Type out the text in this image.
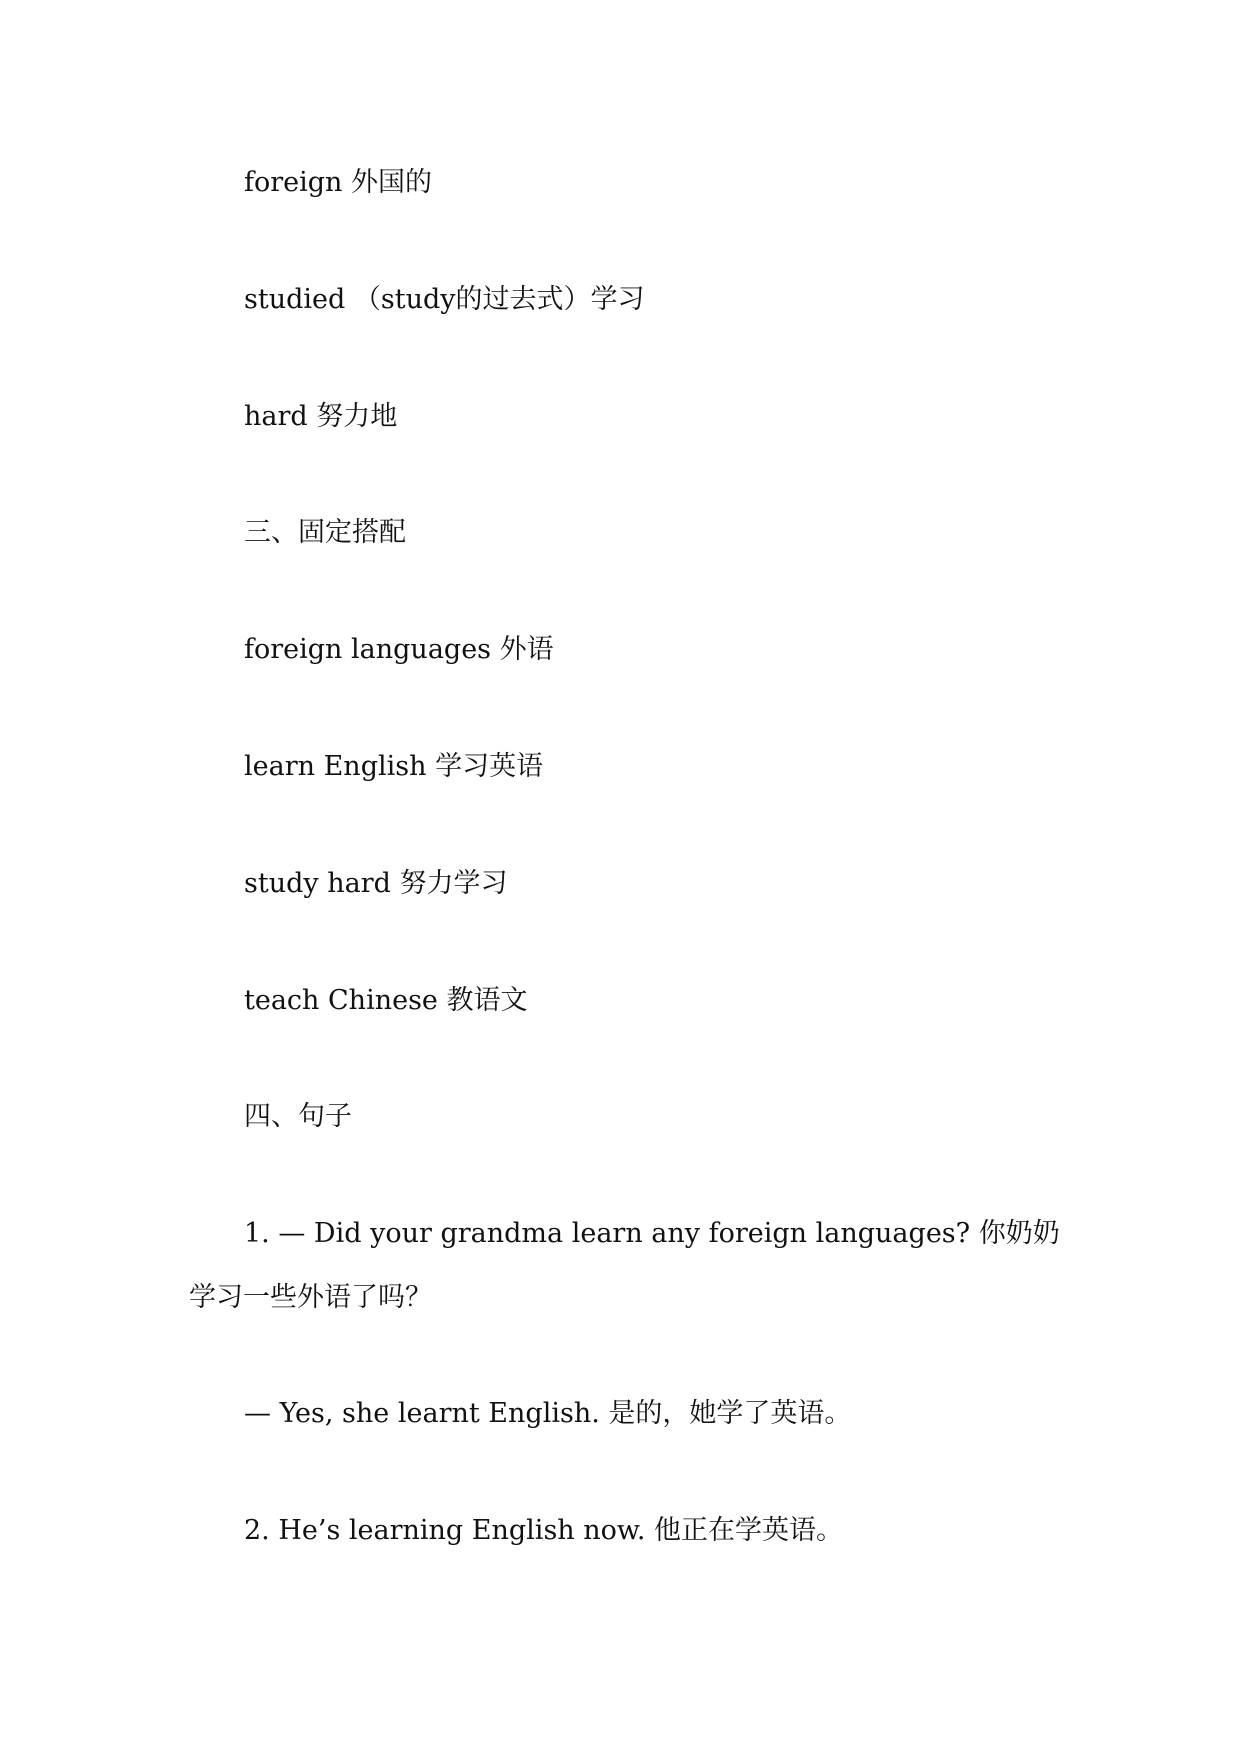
foreign 外国的
studied （study的过去式）学习
hard 努力地
三、固定搭配
foreign languages 外语
learn English 学习英语
study hard 努力学习
teach Chinese 教语文
四、句子
1. — Did your grandma learn any foreign languages? 你奶奶学习一些外语了吗？
— Yes, she learnt English. 是的，她学了英语。
2. He’s learning English now. 他正在学英语。
